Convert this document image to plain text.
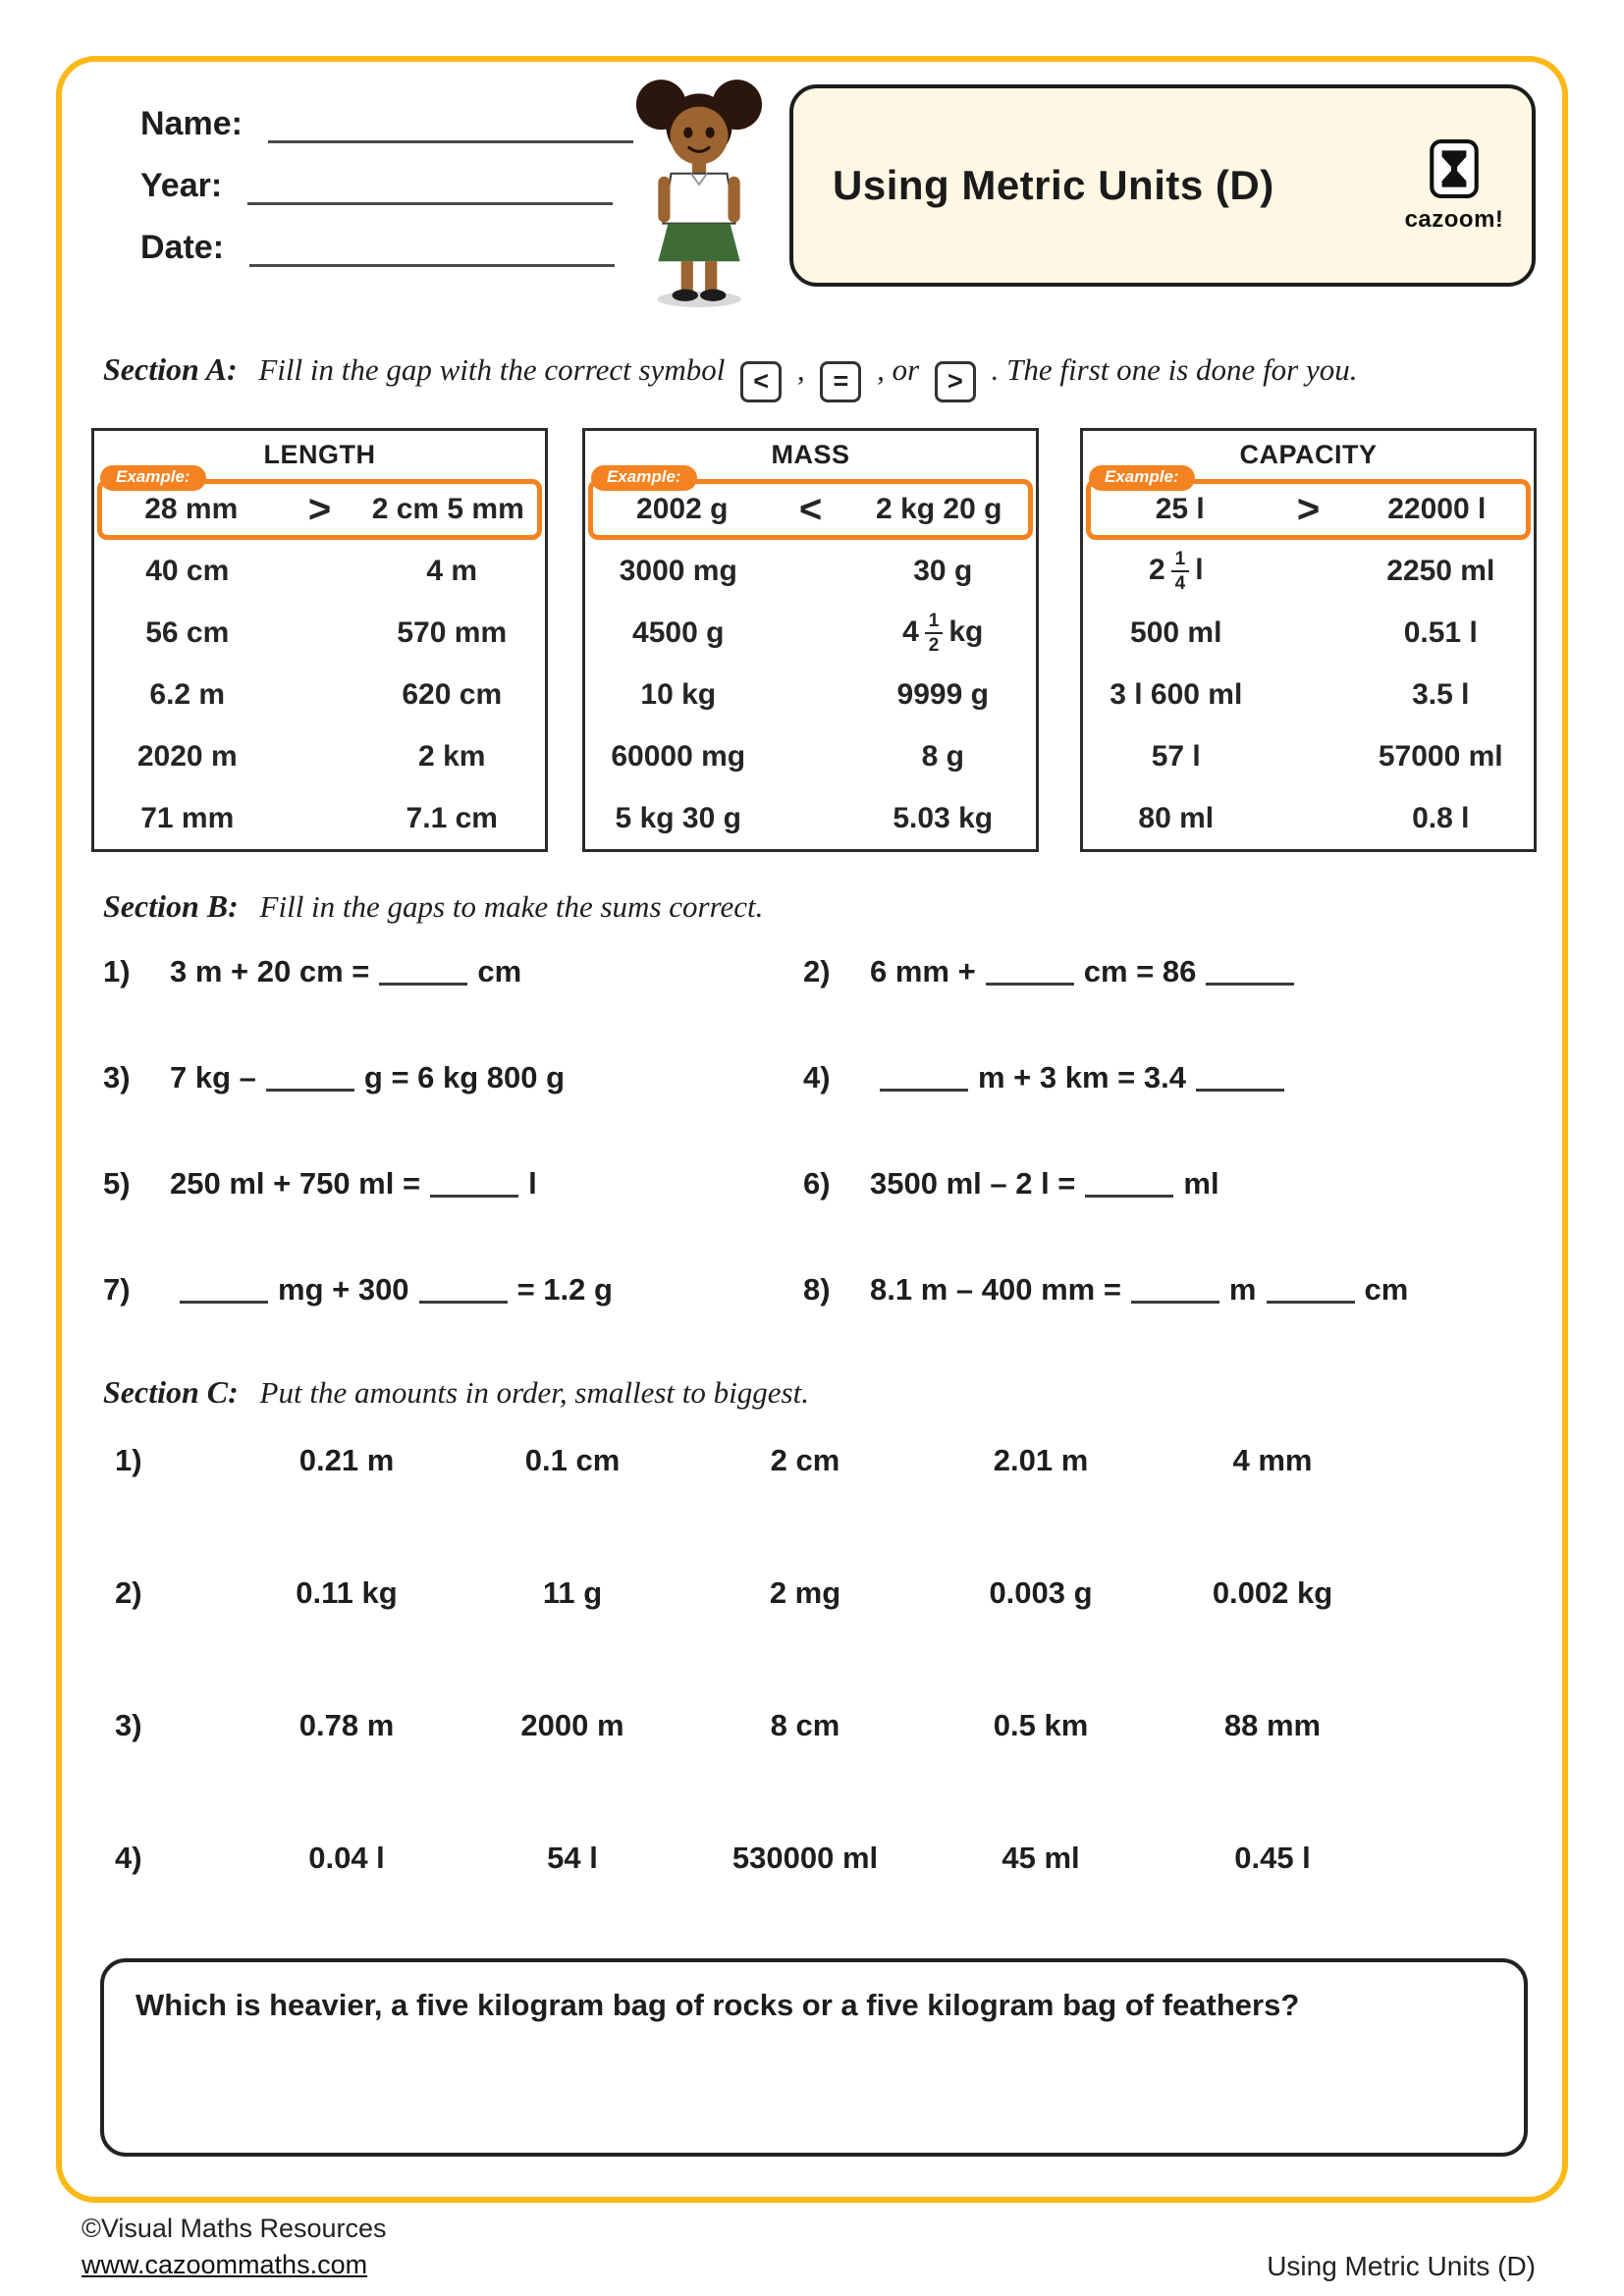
Name:
Year:
Date:
Using Metric Units (D)
cazoom!
Section A: Fill in the gap with the correct symbol < , = , or > . The first one is done for you.
LENGTH
Example:
28 mm	>	2 cm 5 mm
40 cm	4 m
56 cm	570 mm
6.2 m	620 cm
2020 m	2 km
71 mm	7.1 cm
MASS
Example:
2002 g	<	2 kg 20 g
3000 mg	30 g
4500 g	$4 \frac{1}{2}$ kg
10 kg	9999 g
60000 mg	8 g
5 kg 30 g	5.03 kg
CAPACITY
Example:
25 l	>	22000 l
$2 \frac{1}{4}$ l	2250 ml
500 ml	0.51 l
3 l 600 ml	3.5 l
57 l	57000 ml
80 ml	0.8 l
Section B: Fill in the gaps to make the sums correct.
1) 3 m + 20 cm =	cm	2) 6 mm +	cm = 86
3) 7 kg –	g = 6 kg 800 g	4)	m + 3 km = 3.4
5) 250 ml + 750 ml =	l	6) 3500 ml – 2 l =	ml
7)	mg + 300	= 1.2 g	8) 8.1 m – 400 mm =	m	cm
Section C: Put the amounts in order, smallest to biggest.
1)	0.21 m	0.1 cm	2 cm	2.01 m	4 mm
2)	0.11 kg	11 g	2 mg	0.003 g	0.002 kg
3)	0.78 m	2000 m	8 cm	0.5 km	88 mm
4)	0.04 l	54 l	530000 ml	45 ml	0.45 l
Which is heavier, a five kilogram bag of rocks or a five kilogram bag of feathers?
©Visual Maths Resources
www.cazoommaths.com	Using Metric Units (D)
